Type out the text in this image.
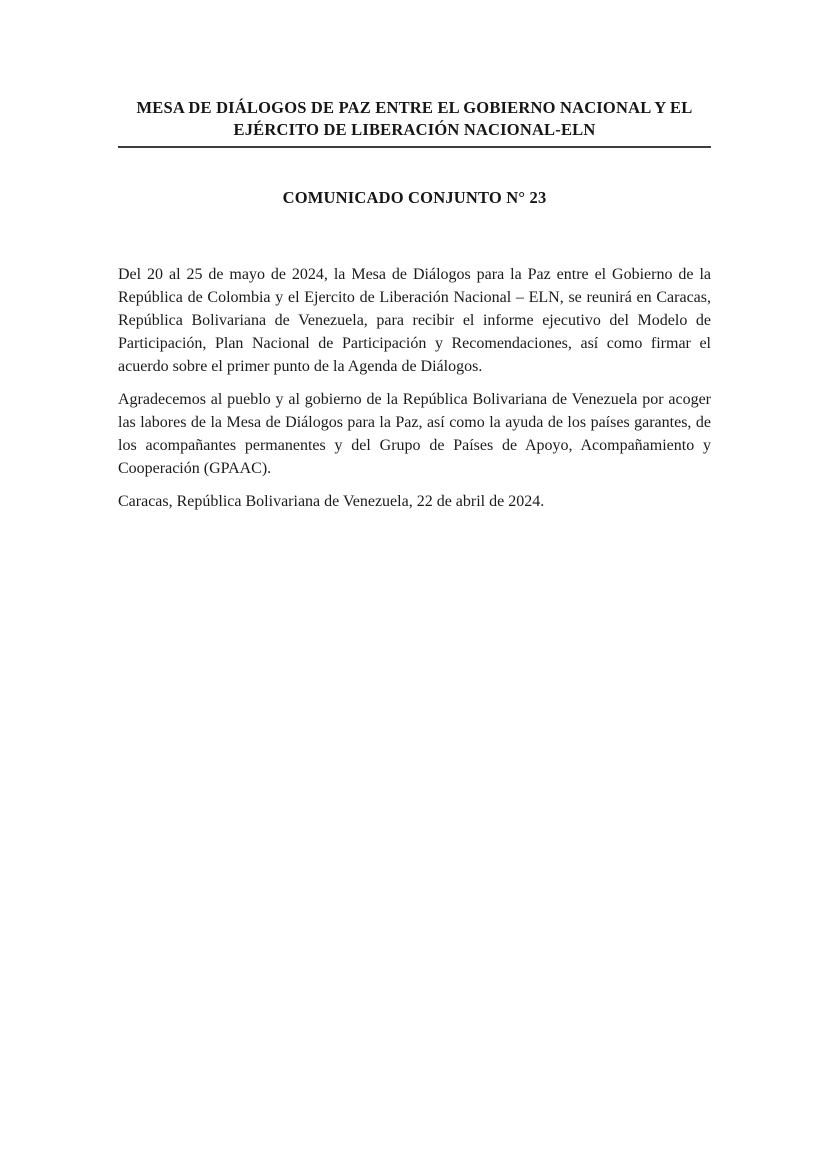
MESA DE DIÁLOGOS DE PAZ ENTRE EL GOBIERNO NACIONAL Y EL
EJÉRCITO DE LIBERACIÓN NACIONAL-ELN
COMUNICADO CONJUNTO N° 23

Del 20 al 25 de mayo de 2024, la Mesa de Diálogos para la Paz entre el Gobierno de la República de Colombia y el Ejercito de Liberación Nacional – ELN, se reunirá en Caracas, República Bolivariana de Venezuela, para recibir el informe ejecutivo del Modelo de Participación, Plan Nacional de Participación y Recomendaciones, así como firmar el acuerdo sobre el primer punto de la Agenda de Diálogos.

Agradecemos al pueblo y al gobierno de la República Bolivariana de Venezuela por acoger las labores de la Mesa de Diálogos para la Paz, así como la ayuda de los países garantes, de los acompañantes permanentes y del Grupo de Países de Apoyo, Acompañamiento y Cooperación (GPAAC).

Caracas, República Bolivariana de Venezuela, 22 de abril de 2024.
